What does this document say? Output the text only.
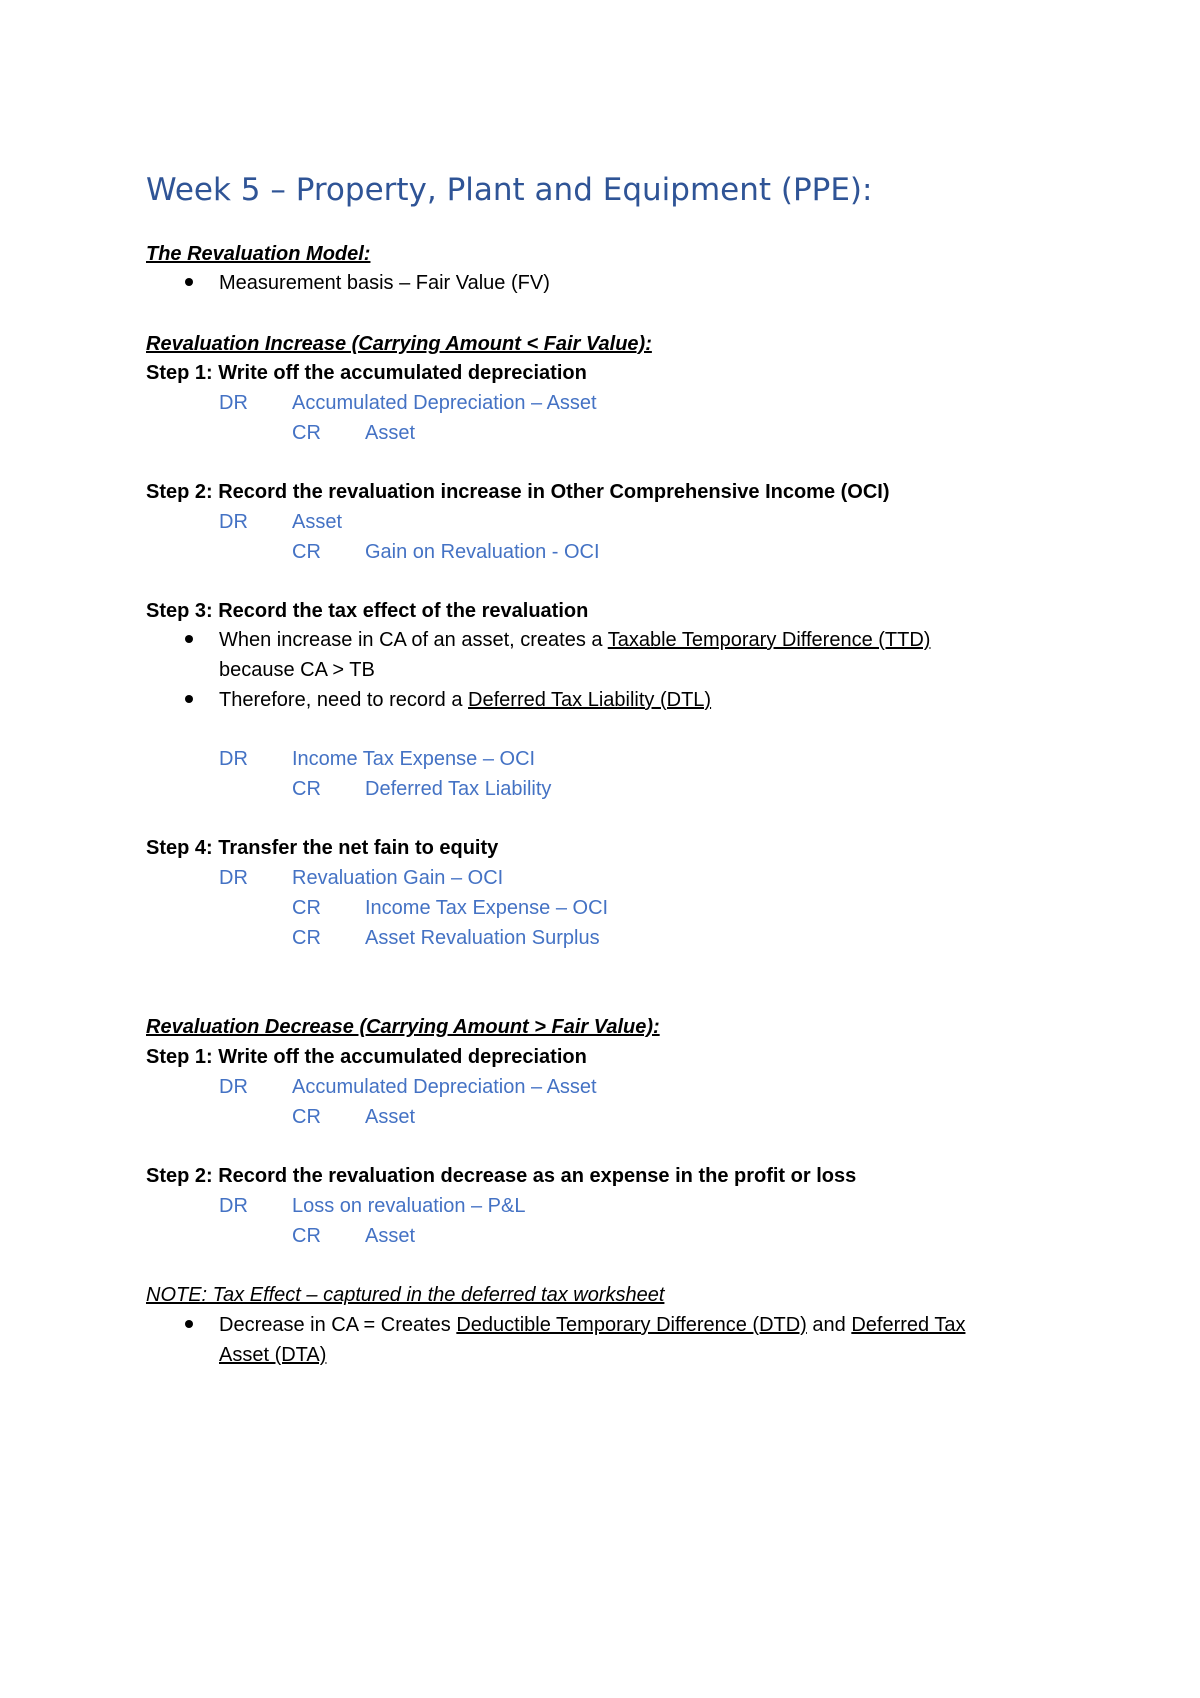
Week 5 – Property, Plant and Equipment (PPE):
The Revaluation Model:
Measurement basis – Fair Value (FV)
Revaluation Increase (Carrying Amount < Fair Value):
Step 1: Write off the accumulated depreciation
DR Accumulated Depreciation – Asset
CR Asset
Step 2: Record the revaluation increase in Other Comprehensive Income (OCI)
DR Asset
CR Gain on Revaluation - OCI
Step 3: Record the tax effect of the revaluation
When increase in CA of an asset, creates a Taxable Temporary Difference (TTD)
because CA > TB
Therefore, need to record a Deferred Tax Liability (DTL)
DR Income Tax Expense – OCI
CR Deferred Tax Liability
Step 4: Transfer the net fain to equity
DR Revaluation Gain – OCI
CR Income Tax Expense – OCI
CR Asset Revaluation Surplus
Revaluation Decrease (Carrying Amount > Fair Value):
Step 1: Write off the accumulated depreciation
DR Accumulated Depreciation – Asset
CR Asset
Step 2: Record the revaluation decrease as an expense in the profit or loss
DR Loss on revaluation – P&L
CR Asset
NOTE: Tax Effect – captured in the deferred tax worksheet
Decrease in CA = Creates Deductible Temporary Difference (DTD) and Deferred Tax
Asset (DTA)
